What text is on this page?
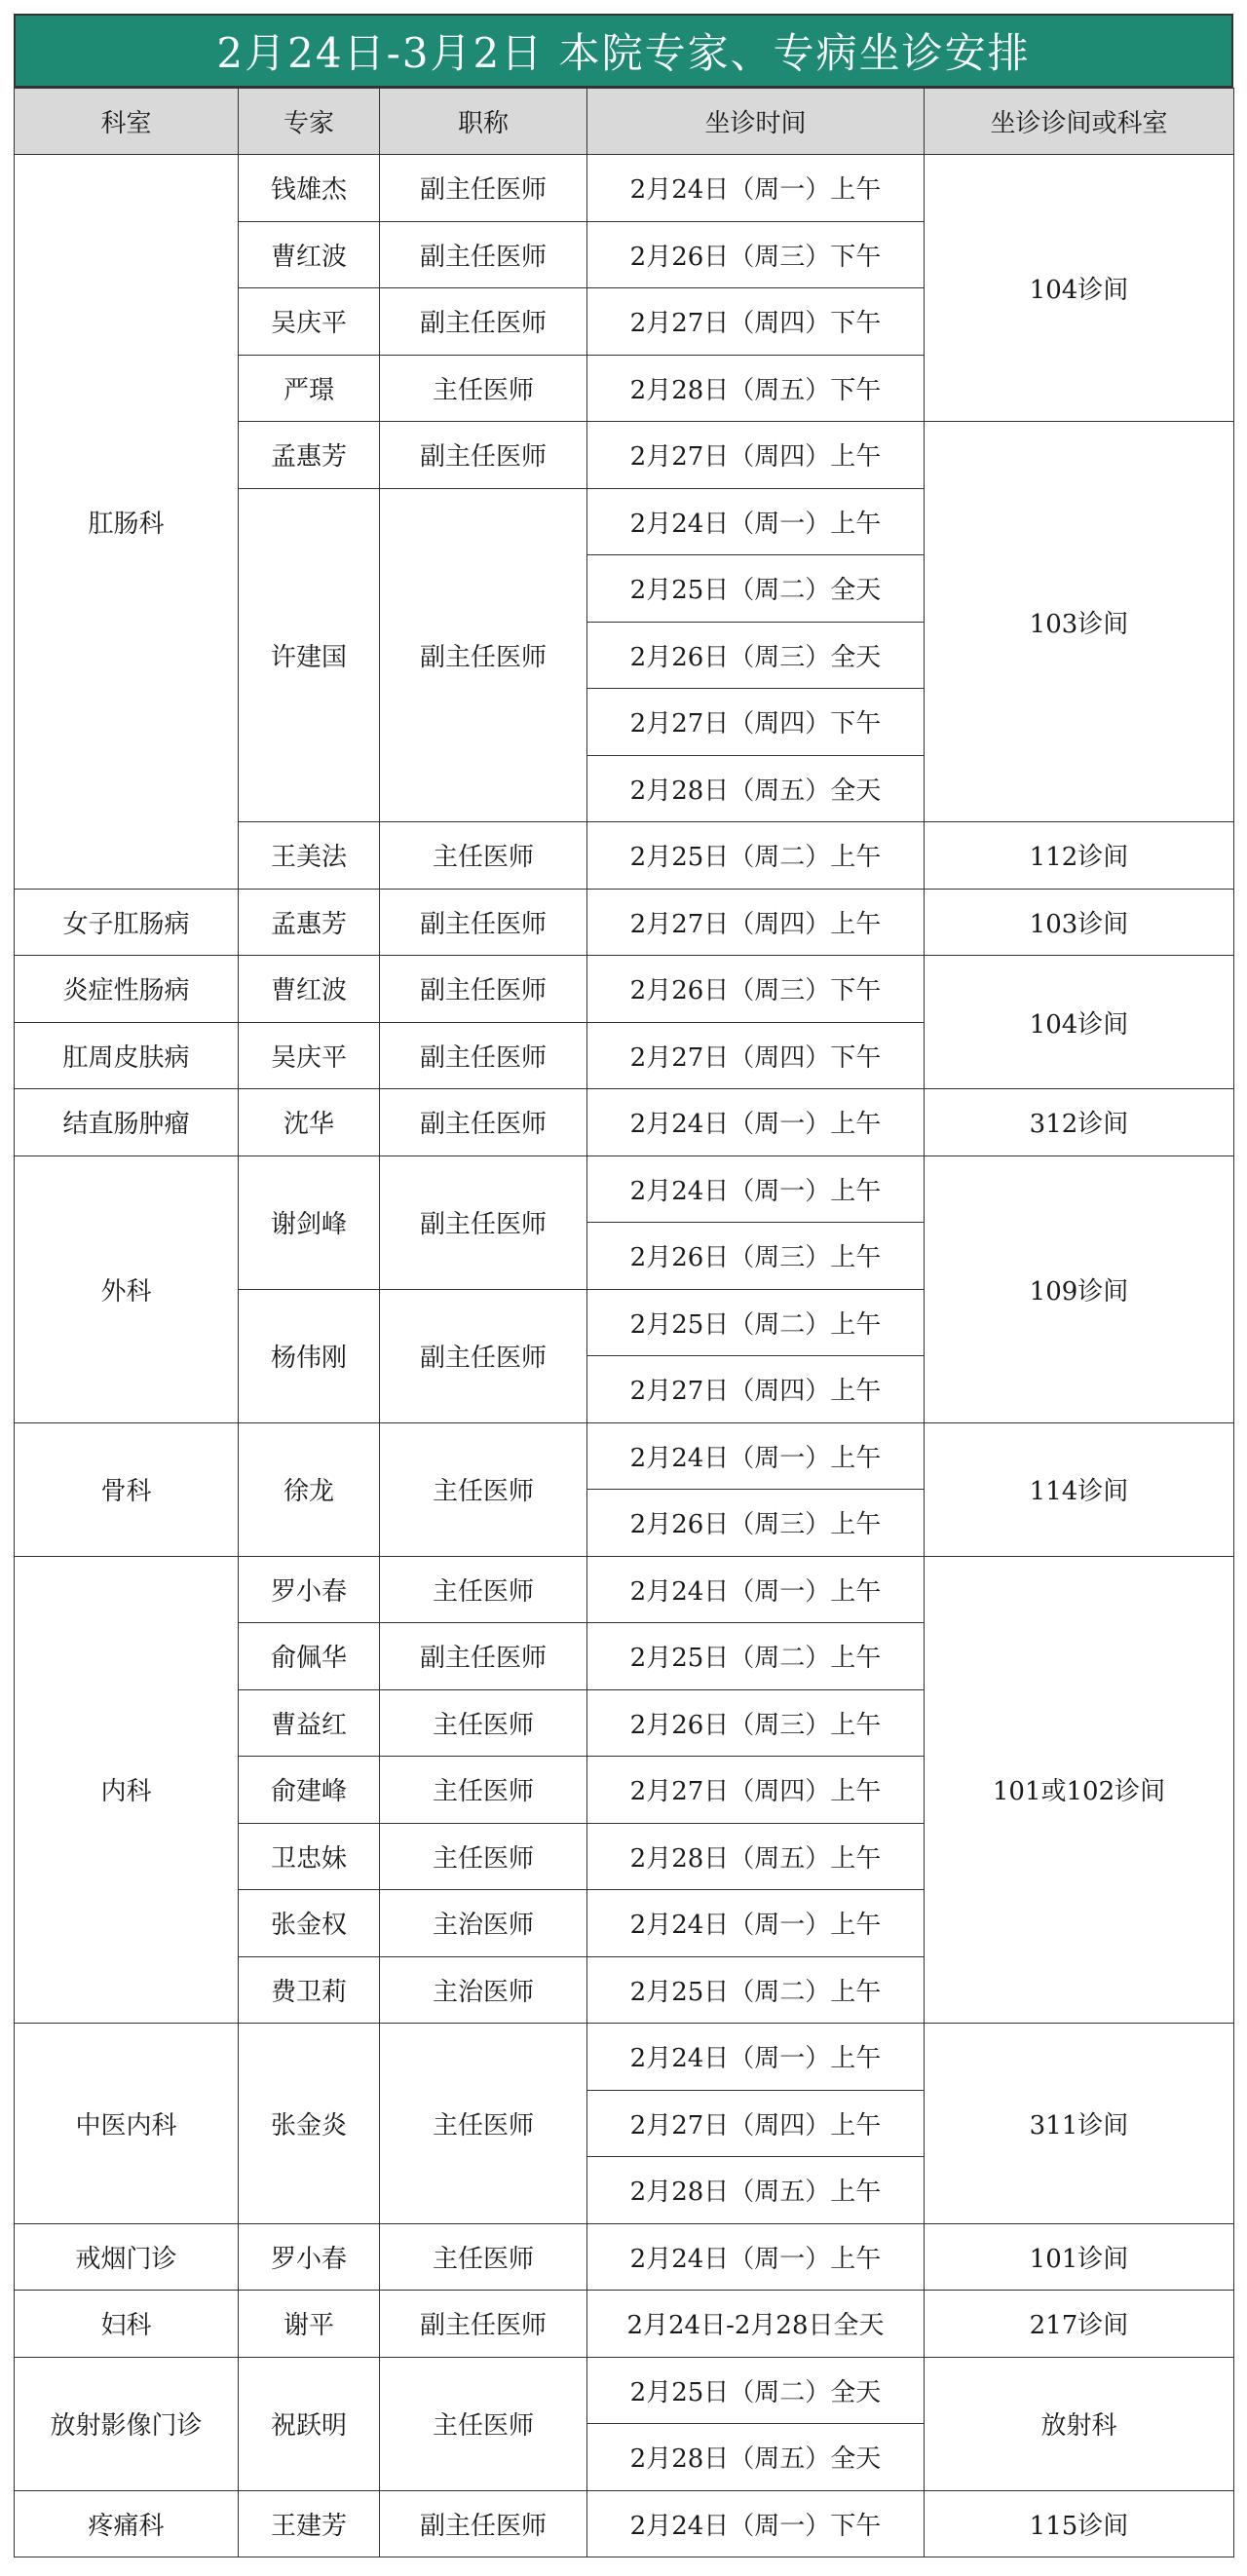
2月24日-3月2日 本院专家、专病坐诊安排
科室	专家	职称	坐诊时间	坐诊诊间或科室
肛肠科	钱雄杰	副主任医师	2月24日（周一）上午	104诊间
	曹红波	副主任医师	2月26日（周三）下午	
	吴庆平	副主任医师	2月27日（周四）下午	
	严璟	主任医师	2月28日（周五）下午	
	孟惠芳	副主任医师	2月27日（周四）上午	103诊间
	许建国	副主任医师	2月24日（周一）上午	
			2月25日（周二）全天	
			2月26日（周三）全天	
			2月27日（周四）下午	
			2月28日（周五）全天	
	王美法	主任医师	2月25日（周二）上午	112诊间
女子肛肠病	孟惠芳	副主任医师	2月27日（周四）上午	103诊间
炎症性肠病	曹红波	副主任医师	2月26日（周三）下午	104诊间
肛周皮肤病	吴庆平	副主任医师	2月27日（周四）下午	
结直肠肿瘤	沈华	副主任医师	2月24日（周一）上午	312诊间
外科	谢剑峰	副主任医师	2月24日（周一）上午	109诊间
			2月26日（周三）上午	
	杨伟刚	副主任医师	2月25日（周二）上午	
			2月27日（周四）上午	
骨科	徐龙	主任医师	2月24日（周一）上午	114诊间
			2月26日（周三）上午	
内科	罗小春	主任医师	2月24日（周一）上午	101或102诊间
	俞佩华	副主任医师	2月25日（周二）上午	
	曹益红	主任医师	2月26日（周三）上午	
	俞建峰	主任医师	2月27日（周四）上午	
	卫忠妹	主任医师	2月28日（周五）上午	
	张金权	主治医师	2月24日（周一）上午	
	费卫莉	主治医师	2月25日（周二）上午	
中医内科	张金炎	主任医师	2月24日（周一）上午	311诊间
			2月27日（周四）上午	
			2月28日（周五）上午	
戒烟门诊	罗小春	主任医师	2月24日（周一）上午	101诊间
妇科	谢平	副主任医师	2月24日-2月28日全天	217诊间
放射影像门诊	祝跃明	主任医师	2月25日（周二）全天	放射科
			2月28日（周五）全天	
疼痛科	王建芳	副主任医师	2月24日（周一）下午	115诊间
